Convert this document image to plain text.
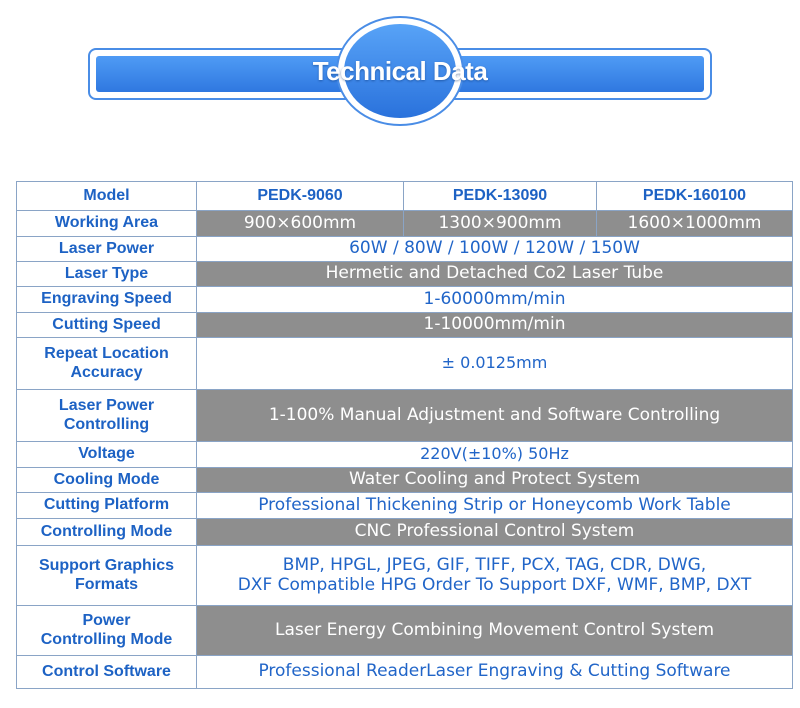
Technical Data
Model	PEDK-9060	PEDK-13090	PEDK-160100
Working Area	900×600mm	1300×900mm	1600×1000mm
Laser Power	60W / 80W / 100W / 120W / 150W		
Laser Type	Hermetic and Detached Co2 Laser Tube		
Engraving Speed	1-60000mm/min		
Cutting Speed	1-10000mm/min		

Repeat Location
Accuracy	± 0.0125mm		

Laser Power
Controlling	1-100% Manual Adjustment and Software Controlling		
Voltage	220V(±10%) 50Hz		
Cooling Mode	Water Cooling and Protect System		
Cutting Platform	Professional Thickening Strip or Honeycomb Work Table		
Controlling Mode	CNC Professional Control System		

Support Graphics
Formats	BMP, HPGL, JPEG, GIF, TIFF, PCX, TAG, CDR, DWG,
DXF Compatible HPG Order To Support DXF, WMF, BMP, DXT		

Power
Controlling Mode	Laser Energy Combining Movement Control System		
Control Software	Professional ReaderLaser Engraving & Cutting Software		
